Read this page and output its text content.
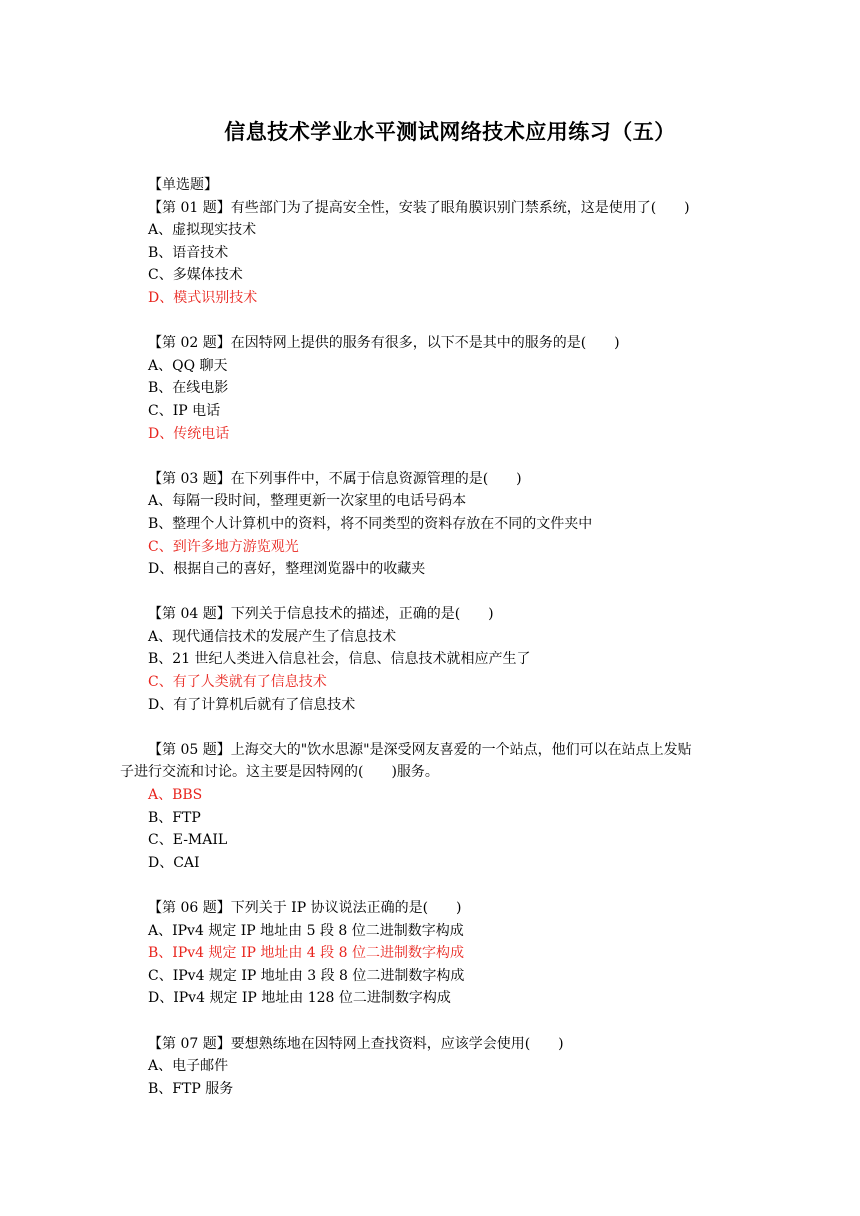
信息技术学业水平测试网络技术应用练习（五）
【单选题】
【第 01 题】有些部门为了提高安全性，安装了眼角膜识别门禁系统，这是使用了(　　)
A、虚拟现实技术
B、语音技术
C、多媒体技术
D、模式识别技术
【第 02 题】在因特网上提供的服务有很多，以下不是其中的服务的是(　　)
A、QQ 聊天
B、在线电影
C、IP 电话
D、传统电话
【第 03 题】在下列事件中，不属于信息资源管理的是(　　)
A、每隔一段时间，整理更新一次家里的电话号码本
B、整理个人计算机中的资料，将不同类型的资料存放在不同的文件夹中
C、到许多地方游览观光
D、根据自己的喜好，整理浏览器中的收藏夹
【第 04 题】下列关于信息技术的描述，正确的是(　　)
A、现代通信技术的发展产生了信息技术
B、21 世纪人类进入信息社会，信息、信息技术就相应产生了
C、有了人类就有了信息技术
D、有了计算机后就有了信息技术
【第 05 题】上海交大的"饮水思源"是深受网友喜爱的一个站点，他们可以在站点上发贴
子进行交流和讨论。这主要是因特网的(　　)服务。
A、BBS
B、FTP
C、E-MAIL
D、CAI
【第 06 题】下列关于 IP 协议说法正确的是(　　)
A、IPv4 规定 IP 地址由 5 段 8 位二进制数字构成
B、IPv4 规定 IP 地址由 4 段 8 位二进制数字构成
C、IPv4 规定 IP 地址由 3 段 8 位二进制数字构成
D、IPv4 规定 IP 地址由 128 位二进制数字构成
【第 07 题】要想熟练地在因特网上查找资料，应该学会使用(　　)
A、电子邮件
B、FTP 服务
